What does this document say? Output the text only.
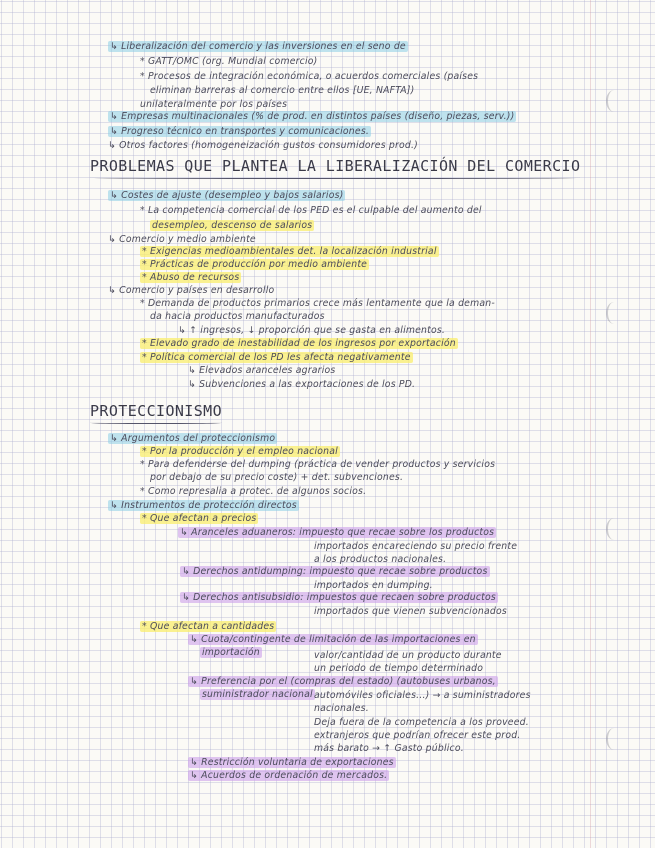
↳ Liberalización del comercio y las inversiones en el seno de
* GATT/OMC (org. Mundial comercio)
* Procesos de integración económica, o acuerdos comerciales (países
eliminan barreras al comercio entre ellos [UE, NAFTA])
unilateralmente por los países
↳ Empresas multinacionales (% de prod. en distintos países (diseño, piezas, serv.))
↳ Progreso técnico en transportes y comunicaciones.
↳ Otros factores (homogeneización gustos consumidores prod.)
PROBLEMAS QUE PLANTEA LA LIBERALIZACIÓN DEL COMERCIO
↳ Costes de ajuste (desempleo y bajos salarios)
* La competencia comercial de los PED es el culpable del aumento del
desempleo, descenso de salarios
↳ Comercio y medio ambiente
* Exigencias medioambientales det. la localización industrial
* Prácticas de producción por medio ambiente
* Abuso de recursos
↳ Comercio y países en desarrollo
* Demanda de productos primarios crece más lentamente que la deman-
da hacia productos manufacturados
↳ ↑ ingresos, ↓ proporción que se gasta en alimentos.
* Elevado grado de inestabilidad de los ingresos por exportación
* Política comercial de los PD les afecta negativamente
↳ Elevados aranceles agrarios
↳ Subvenciones a las exportaciones de los PD.
PROTECCIONISMO
↳ Argumentos del proteccionismo
* Por la producción y el empleo nacional
* Para defenderse del dumping (práctica de vender productos y servicios
por debajo de su precio coste) + det. subvenciones.
* Como represalia a protec. de algunos socios.
↳ Instrumentos de protección directos
* Que afectan a precios
↳ Aranceles aduaneros: impuesto que recae sobre los productos
importados encareciendo su precio frente
a los productos nacionales.
↳ Derechos antidumping: impuesto que recae sobre productos
importados en dumping.
↳ Derechos antisubsidio: impuestos que recaen sobre productos
importados que vienen subvencionados
* Que afectan a cantidades
↳ Cuota/contingente de limitación de las importaciones en
importación	valor/cantidad de un producto durante
un periodo de tiempo determinado
↳ Preferencia por el (compras del estado) (autobuses urbanos,
suministrador nacional automóviles oficiales...) → a suministradores
nacionales.
Deja fuera de la competencia a los proveed.
extranjeros que podrían ofrecer este prod.
más barato → ↑ Gasto público.
↳ Restricción voluntaria de exportaciones
↳ Acuerdos de ordenación de mercados.
